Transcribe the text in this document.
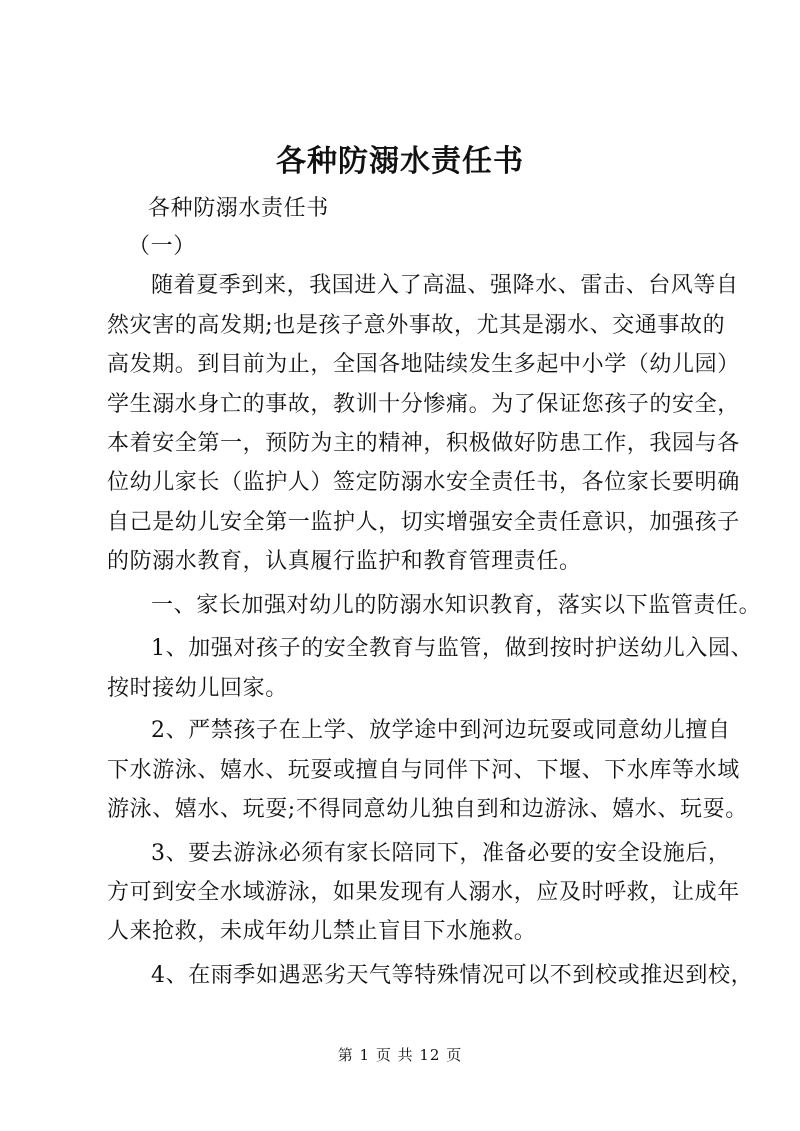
各种防溺水责任书
各种防溺水责任书
（一）
随着夏季到来，我国进入了高温、强降水、雷击、台风等自
然灾害的高发期;也是孩子意外事故，尤其是溺水、交通事故的
高发期。到目前为止，全国各地陆续发生多起中小学（幼儿园）
学生溺水身亡的事故，教训十分惨痛。为了保证您孩子的安全，
本着安全第一，预防为主的精神，积极做好防患工作，我园与各
位幼儿家长（监护人）签定防溺水安全责任书，各位家长要明确
自己是幼儿安全第一监护人，切实增强安全责任意识，加强孩子
的防溺水教育，认真履行监护和教育管理责任。
一、家长加强对幼儿的防溺水知识教育，落实以下监管责任。
1、加强对孩子的安全教育与监管，做到按时护送幼儿入园、
按时接幼儿回家。
2、严禁孩子在上学、放学途中到河边玩耍或同意幼儿擅自
下水游泳、嬉水、玩耍或擅自与同伴下河、下堰、下水库等水域
游泳、嬉水、玩耍;不得同意幼儿独自到和边游泳、嬉水、玩耍。
3、要去游泳必须有家长陪同下，准备必要的安全设施后，
方可到安全水域游泳，如果发现有人溺水，应及时呼救，让成年
人来抢救，未成年幼儿禁止盲目下水施救。
4、在雨季如遇恶劣天气等特殊情况可以不到校或推迟到校，
第 1 页 共 12 页
